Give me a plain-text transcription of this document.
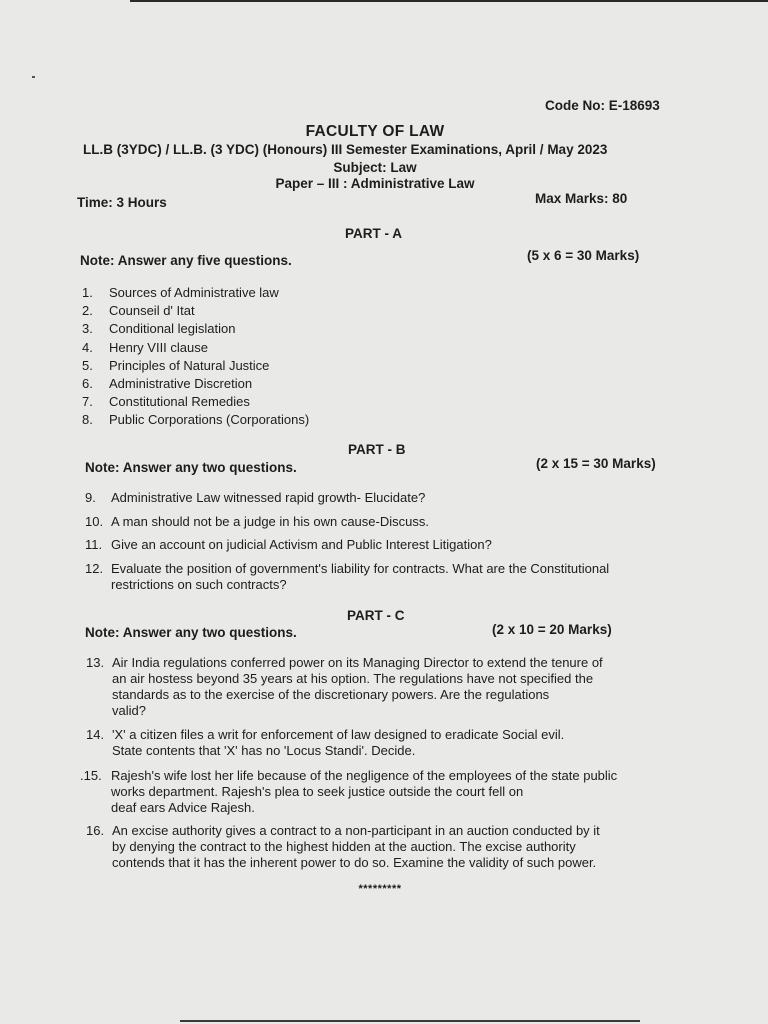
Code No: E-18693
FACULTY OF LAW
LL.B (3YDC) / LL.B. (3 YDC) (Honours) III Semester Examinations, April / May 2023
Subject: Law
Paper – III : Administrative Law
Time: 3 Hours	Max Marks: 80
PART - A
Note: Answer any five questions.	(5 x 6 = 30 Marks)
1.	Sources of Administrative law
2.	Counseil d' Itat
3.	Conditional legislation
4.	Henry VIII clause
5.	Principles of Natural Justice
6.	Administrative Discretion
7.	Constitutional Remedies
8.	Public Corporations (Corporations)
PART - B
Note: Answer any two questions.	(2 x 15 = 30 Marks)
9. Administrative Law witnessed rapid growth- Elucidate?
10. A man should not be a judge in his own cause-Discuss.
11. Give an account on judicial Activism and Public Interest Litigation?
12. Evaluate the position of government's liability for contracts. What are the Constitutional
restrictions on such contracts?
PART - C
Note: Answer any two questions.	(2 x 10 = 20 Marks)
13. Air India regulations conferred power on its Managing Director to extend the tenure of
an air hostess beyond 35 years at his option. The regulations have not specified the
standards as to the exercise of the discretionary powers. Are the regulations
valid?
14. 'X' a citizen files a writ for enforcement of law designed to eradicate Social evil.
State contents that 'X' has no 'Locus Standi'. Decide.
.15. Rajesh's wife lost her life because of the negligence of the employees of the state public
works department. Rajesh's plea to seek justice outside the court fell on
deaf ears Advice Rajesh.
16. An excise authority gives a contract to a non-participant in an auction conducted by it
by denying the contract to the highest hidden at the auction. The excise authority
contends that it has the inherent power to do so. Examine the validity of such power.
*********
